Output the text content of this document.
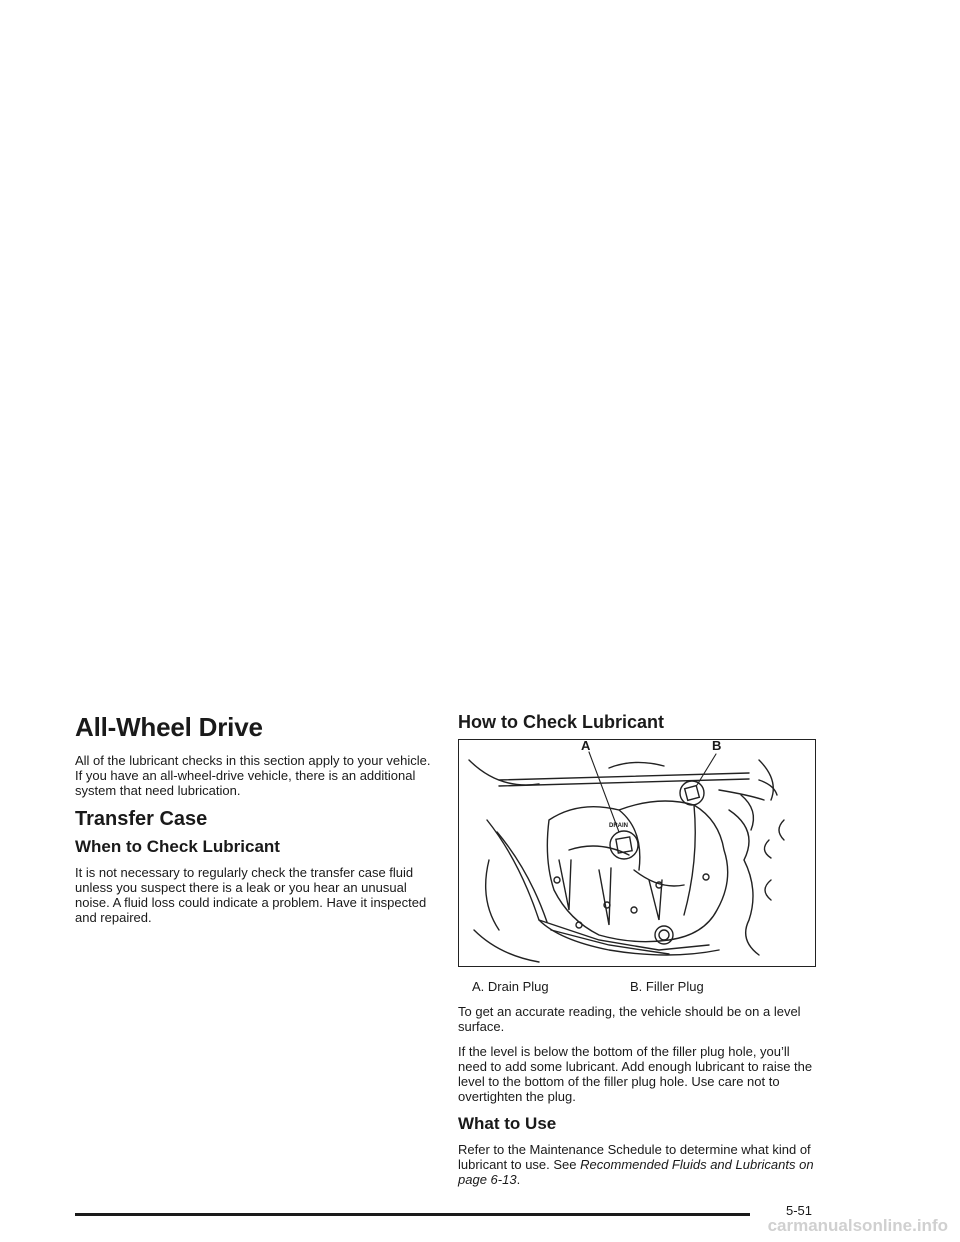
All-Wheel Drive

All of the lubricant checks in this section apply to your vehicle. If you have an all-wheel-drive vehicle, there is an additional system that need lubrication.

Transfer Case
When to Check Lubricant

It is not necessary to regularly check the transfer case fluid unless you suspect there is a leak or you hear an unusual noise. A fluid loss could indicate a problem. Have it inspected and repaired.

How to Check Lubricant
A	B
DRAIN
A. Drain Plug	B. Filler Plug

To get an accurate reading, the vehicle should be on a level surface.

If the level is below the bottom of the filler plug hole, you’ll need to add some lubricant. Add enough lubricant to raise the level to the bottom of the filler plug hole. Use care not to overtighten the plug.

What to Use

Refer to the Maintenance Schedule to determine what kind of lubricant to use. See Recommended Fluids and Lubricants on page 6-13.

5-51
carmanualsonline.info
